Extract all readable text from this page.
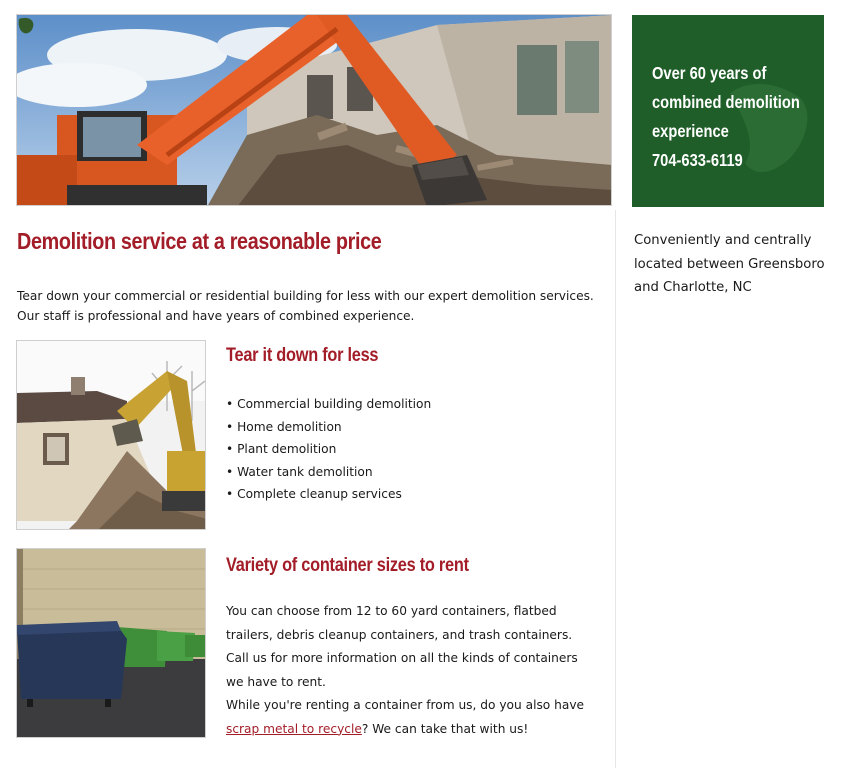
Demolition service at a reasonable price

Tear down your commercial or residential building for less with our expert demolition services. Our staff is professional and have years of combined experience.

Tear it down for less
• Commercial building demolition
• Home demolition
• Plant demolition
• Water tank demolition
• Complete cleanup services
Variety of container sizes to rent

You can choose from 12 to 60 yard containers, flatbed trailers, debris cleanup containers, and trash containers. Call us for more information on all the kinds of containers we have to rent.

While you're renting a container from us, do you also have scrap metal to recycle? We can take that with us!

Over 60 years of
combined demolition
experience
704-633-6119

Conveniently and centrally located between Greensboro and Charlotte, NC
